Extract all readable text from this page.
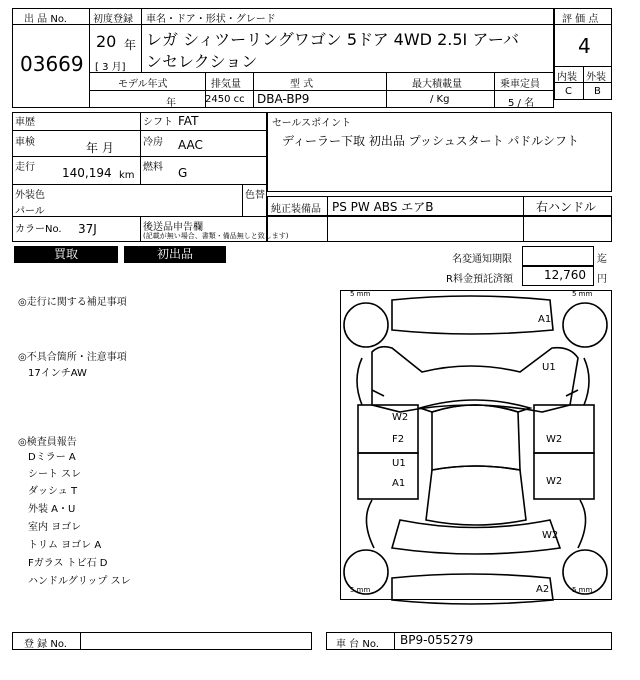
出 品 No.
03669
初度登録
20 年
[ 3 月]
車名・ドア・形状・グレード
レガ シィツーリングワゴン 5ドア 4WD 2.5I アーバ
ンセレクション
モデル年式
年
排気量
2450 cc
型 式
DBA-BP9
最大積載量
/ Kg
乗車定員
5 / 名
評 価 点
4
内装 外装
C B
車歴
車検	年 月
走行 140,194 km
シフト FAT
冷房 AAC
燃料 G
外装色
パール
色替
カラーNo. 37J	後送品申告欄
(記載が無い場合、書類・備品無しと致します)
セールスポイント
ディーラー下取 初出品 プッシュスタート パドルシフト
純正装備品 PS PW ABS エアB	右ハンドル
買取	初出品	名変通知期限	迄
R料金預託済額	12,760 円
◎走行に関する補足事項
◎不具合箇所・注意事項
17インチAW
◎検査員報告
Dミラー A
シート スレ
ダッシュ T
外装 A・U
室内 ヨゴレ
トリム ヨゴレ A
Fガラス トビ石 D
ハンドルグリップ スレ
5 mm	5 mm
5 mm	5 mm
A1
U1
W2
F2	W2
U1
A1	W2
W2
A2
登 録 No.	車 台 No. BP9-055279
